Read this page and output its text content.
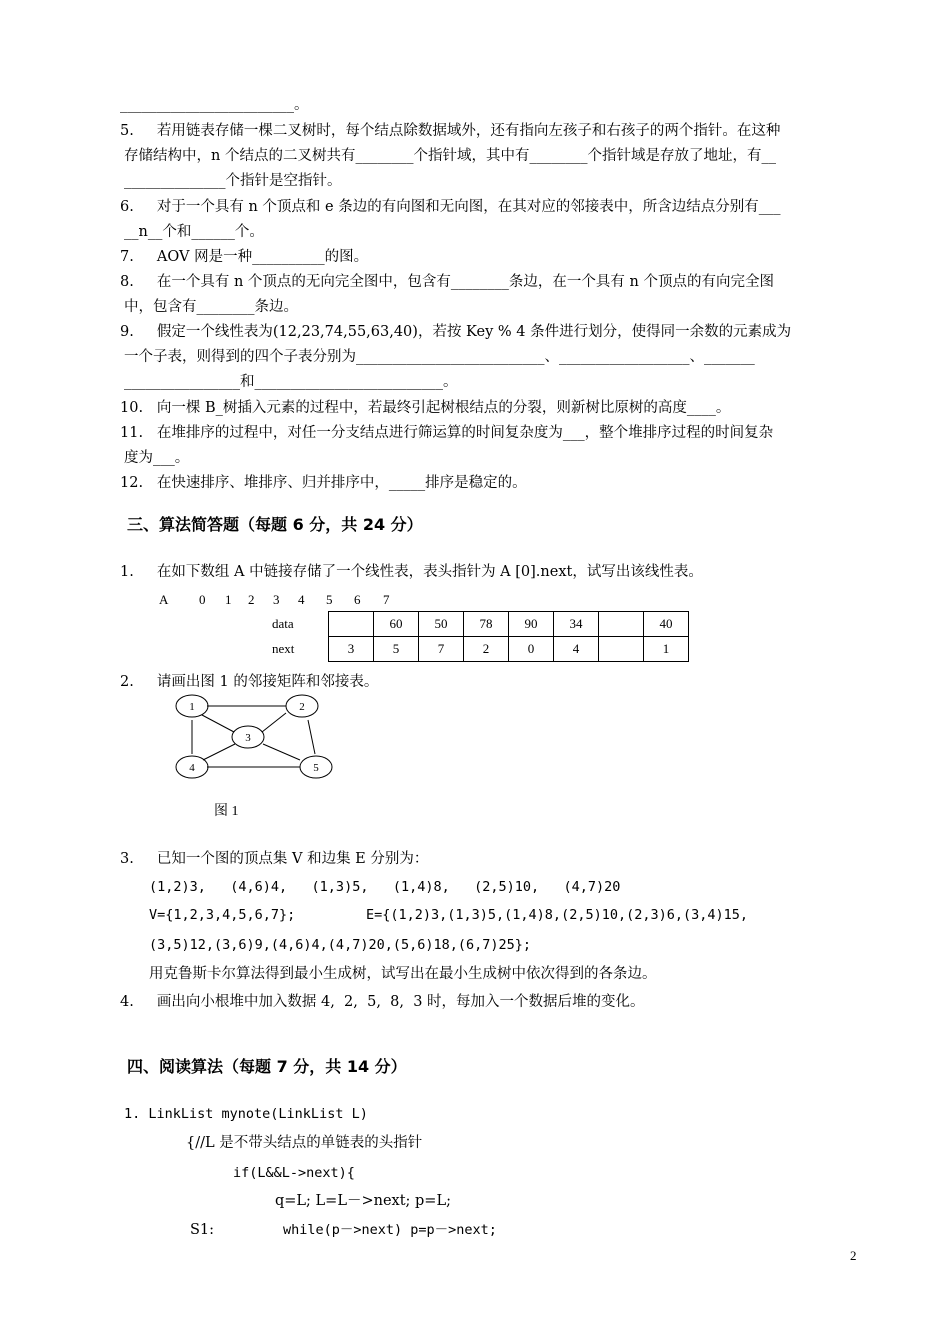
________________________。
5.     若用链表存储一棵二叉树时，每个结点除数据域外，还有指向左孩子和右孩子的两个指针。在这种
存储结构中，n 个结点的二叉树共有________个指针域，其中有________个指针域是存放了地址，有__
______________个指针是空指针。
6.     对于一个具有 n 个顶点和 e 条边的有向图和无向图，在其对应的邻接表中，所含边结点分别有___
__n__个和______个。
7.     AOV 网是一种__________的图。
8.     在一个具有 n 个顶点的无向完全图中，包含有________条边，在一个具有 n 个顶点的有向完全图
中，包含有________条边。
9.     假定一个线性表为(12,23,74,55,63,40)，若按 Key % 4 条件进行划分，使得同一余数的元素成为
一个子表，则得到的四个子表分别为__________________________、__________________、_______
________________和__________________________。
10.   向一棵 B_树插入元素的过程中，若最终引起树根结点的分裂，则新树比原树的高度____。
11.   在堆排序的过程中，对任一分支结点进行筛运算的时间复杂度为___，整个堆排序过程的时间复杂
度为___。
12.   在快速排序、堆排序、归并排序中，_____排序是稳定的。
三、算法简答题（每题 6 分，共 24 分）
1.     在如下数组 A 中链接存储了一个线性表，表头指针为 A [0].next，试写出该线性表。
A 0 1 2 3 4 5 6 7
data		60	50	78	90	34		40
next	3	5	7	2	0	4		1
2.     请画出图 1 的邻接矩阵和邻接表。
1	2
3
4	5
图 1
3.     已知一个图的顶点集 V 和边集 E 分别为：
(1,2)3,   (4,6)4,   (1,3)5,   (1,4)8,   (2,5)10,   (4,7)20
V={1,2,3,4,5,6,7};	E={(1,2)3,(1,3)5,(1,4)8,(2,5)10,(2,3)6,(3,4)15,
(3,5)12,(3,6)9,(4,6)4,(4,7)20,(5,6)18,(6,7)25};
用克鲁斯卡尔算法得到最小生成树，试写出在最小生成树中依次得到的各条边。
4.     画出向小根堆中加入数据 4,  2,  5,  8,  3 时，每加入一个数据后堆的变化。
四、阅读算法（每题 7 分，共 14 分）
1. LinkList mynote(LinkList L)
{//L 是不带头结点的单链表的头指针
if(L&&L->next){
q=L; L=L－>next; p=L;
S1:	while(p－>next) p=p－>next;
2
